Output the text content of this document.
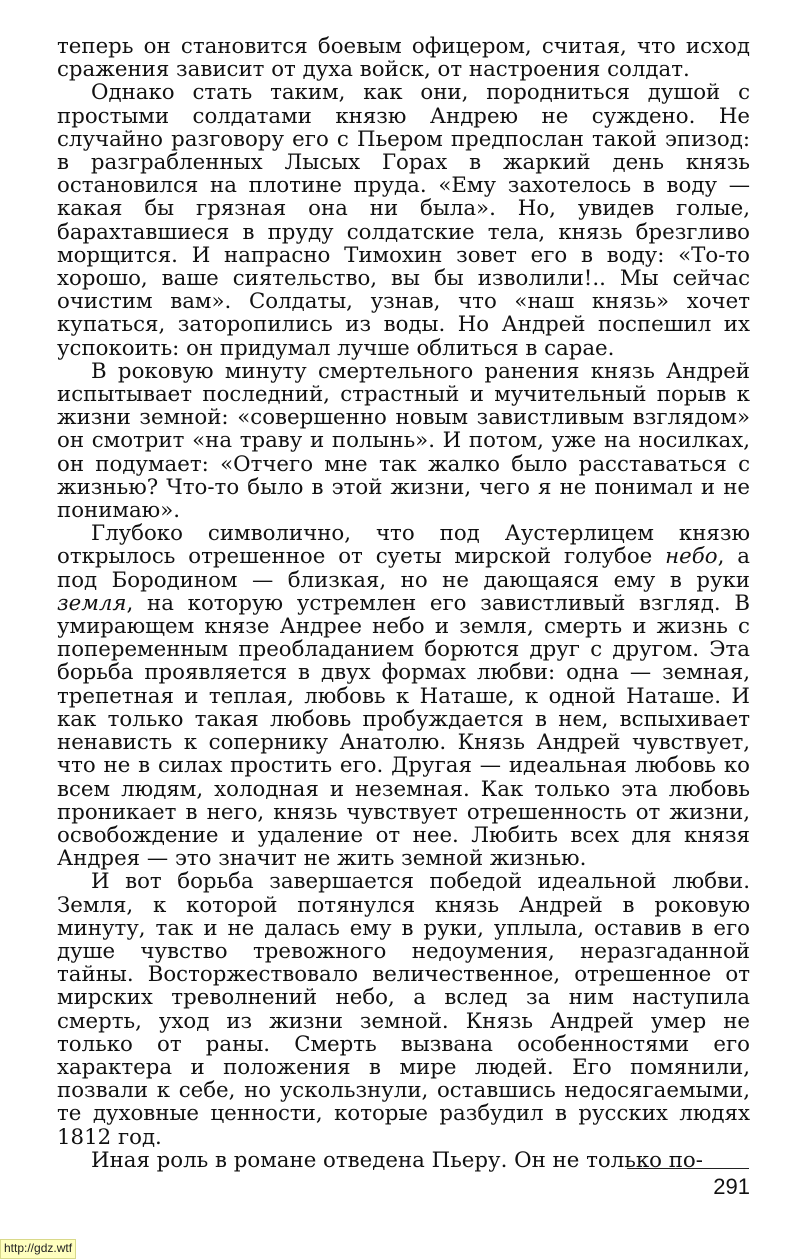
теперь он становится боевым офицером, считая, что исход сражения зависит от духа войск, от настроения солдат.

Однако стать таким, как они, породниться душой с простыми солдатами князю Андрею не суждено. Не случайно разговору его с Пьером предпослан такой эпизод: в разграбленных Лысых Горах в жаркий день князь остановился на плотине пруда. «Ему захотелось в воду — какая бы грязная она ни была». Но, увидев голые, барахтавшиеся в пруду солдатские тела, князь брезгливо морщится. И напрасно Тимохин зовет его в воду: «То-то хорошо, ваше сиятельство, вы бы изволили!.. Мы сейчас очистим вам». Солдаты, узнав, что «наш князь» хочет купаться, заторопились из воды. Но Андрей поспешил их успокоить: он придумал лучше облиться в сарае.

В роковую минуту смертельного ранения князь Андрей испытывает последний, страстный и мучительный порыв к жизни земной: «совершенно новым завистливым взглядом» он смотрит «на траву и полынь». И потом, уже на носилках, он подумает: «Отчего мне так жалко было расставаться с жизнью? Что-то было в этой жизни, чего я не понимал и не понимаю».

Глубоко символично, что под Аустерлицем князю открылось отрешенное от суеты мирской голубое небо, а под Бородином — близкая, но не дающаяся ему в руки земля, на которую устремлен его завистливый взгляд. В умирающем князе Андрее небо и земля, смерть и жизнь с попеременным преобладанием борются друг с другом. Эта борьба проявляется в двух формах любви: одна — земная, трепетная и теплая, любовь к Наташе, к одной Наташе. И как только такая любовь пробуждается в нем, вспыхивает ненависть к сопернику Анатолю. Князь Андрей чувствует, что не в силах простить его. Другая — идеальная любовь ко всем людям, холодная и неземная. Как только эта любовь проникает в него, князь чувствует отрешенность от жизни, освобождение и удаление от нее. Любить всех для князя Андрея — это значит не жить земной жизнью.

И вот борьба завершается победой идеальной любви. Земля, к которой потянулся князь Андрей в роковую минуту, так и не далась ему в руки, уплыла, оставив в его душе чувство тревожного недоумения, неразгаданной тайны. Восторжествовало величественное, отрешенное от мирских треволнений небо, а вслед за ним наступила смерть, уход из жизни земной. Князь Андрей умер не только от раны. Смерть вызвана особенностями его характера и положения в мире людей. Его помянили, позвали к себе, но ускользнули, оставшись недосягаемыми, те духовные ценности, которые разбудил в русских людях 1812 год.

Иная роль в романе отведена Пьеру. Он не только по-

291
http://gdz.wtf
